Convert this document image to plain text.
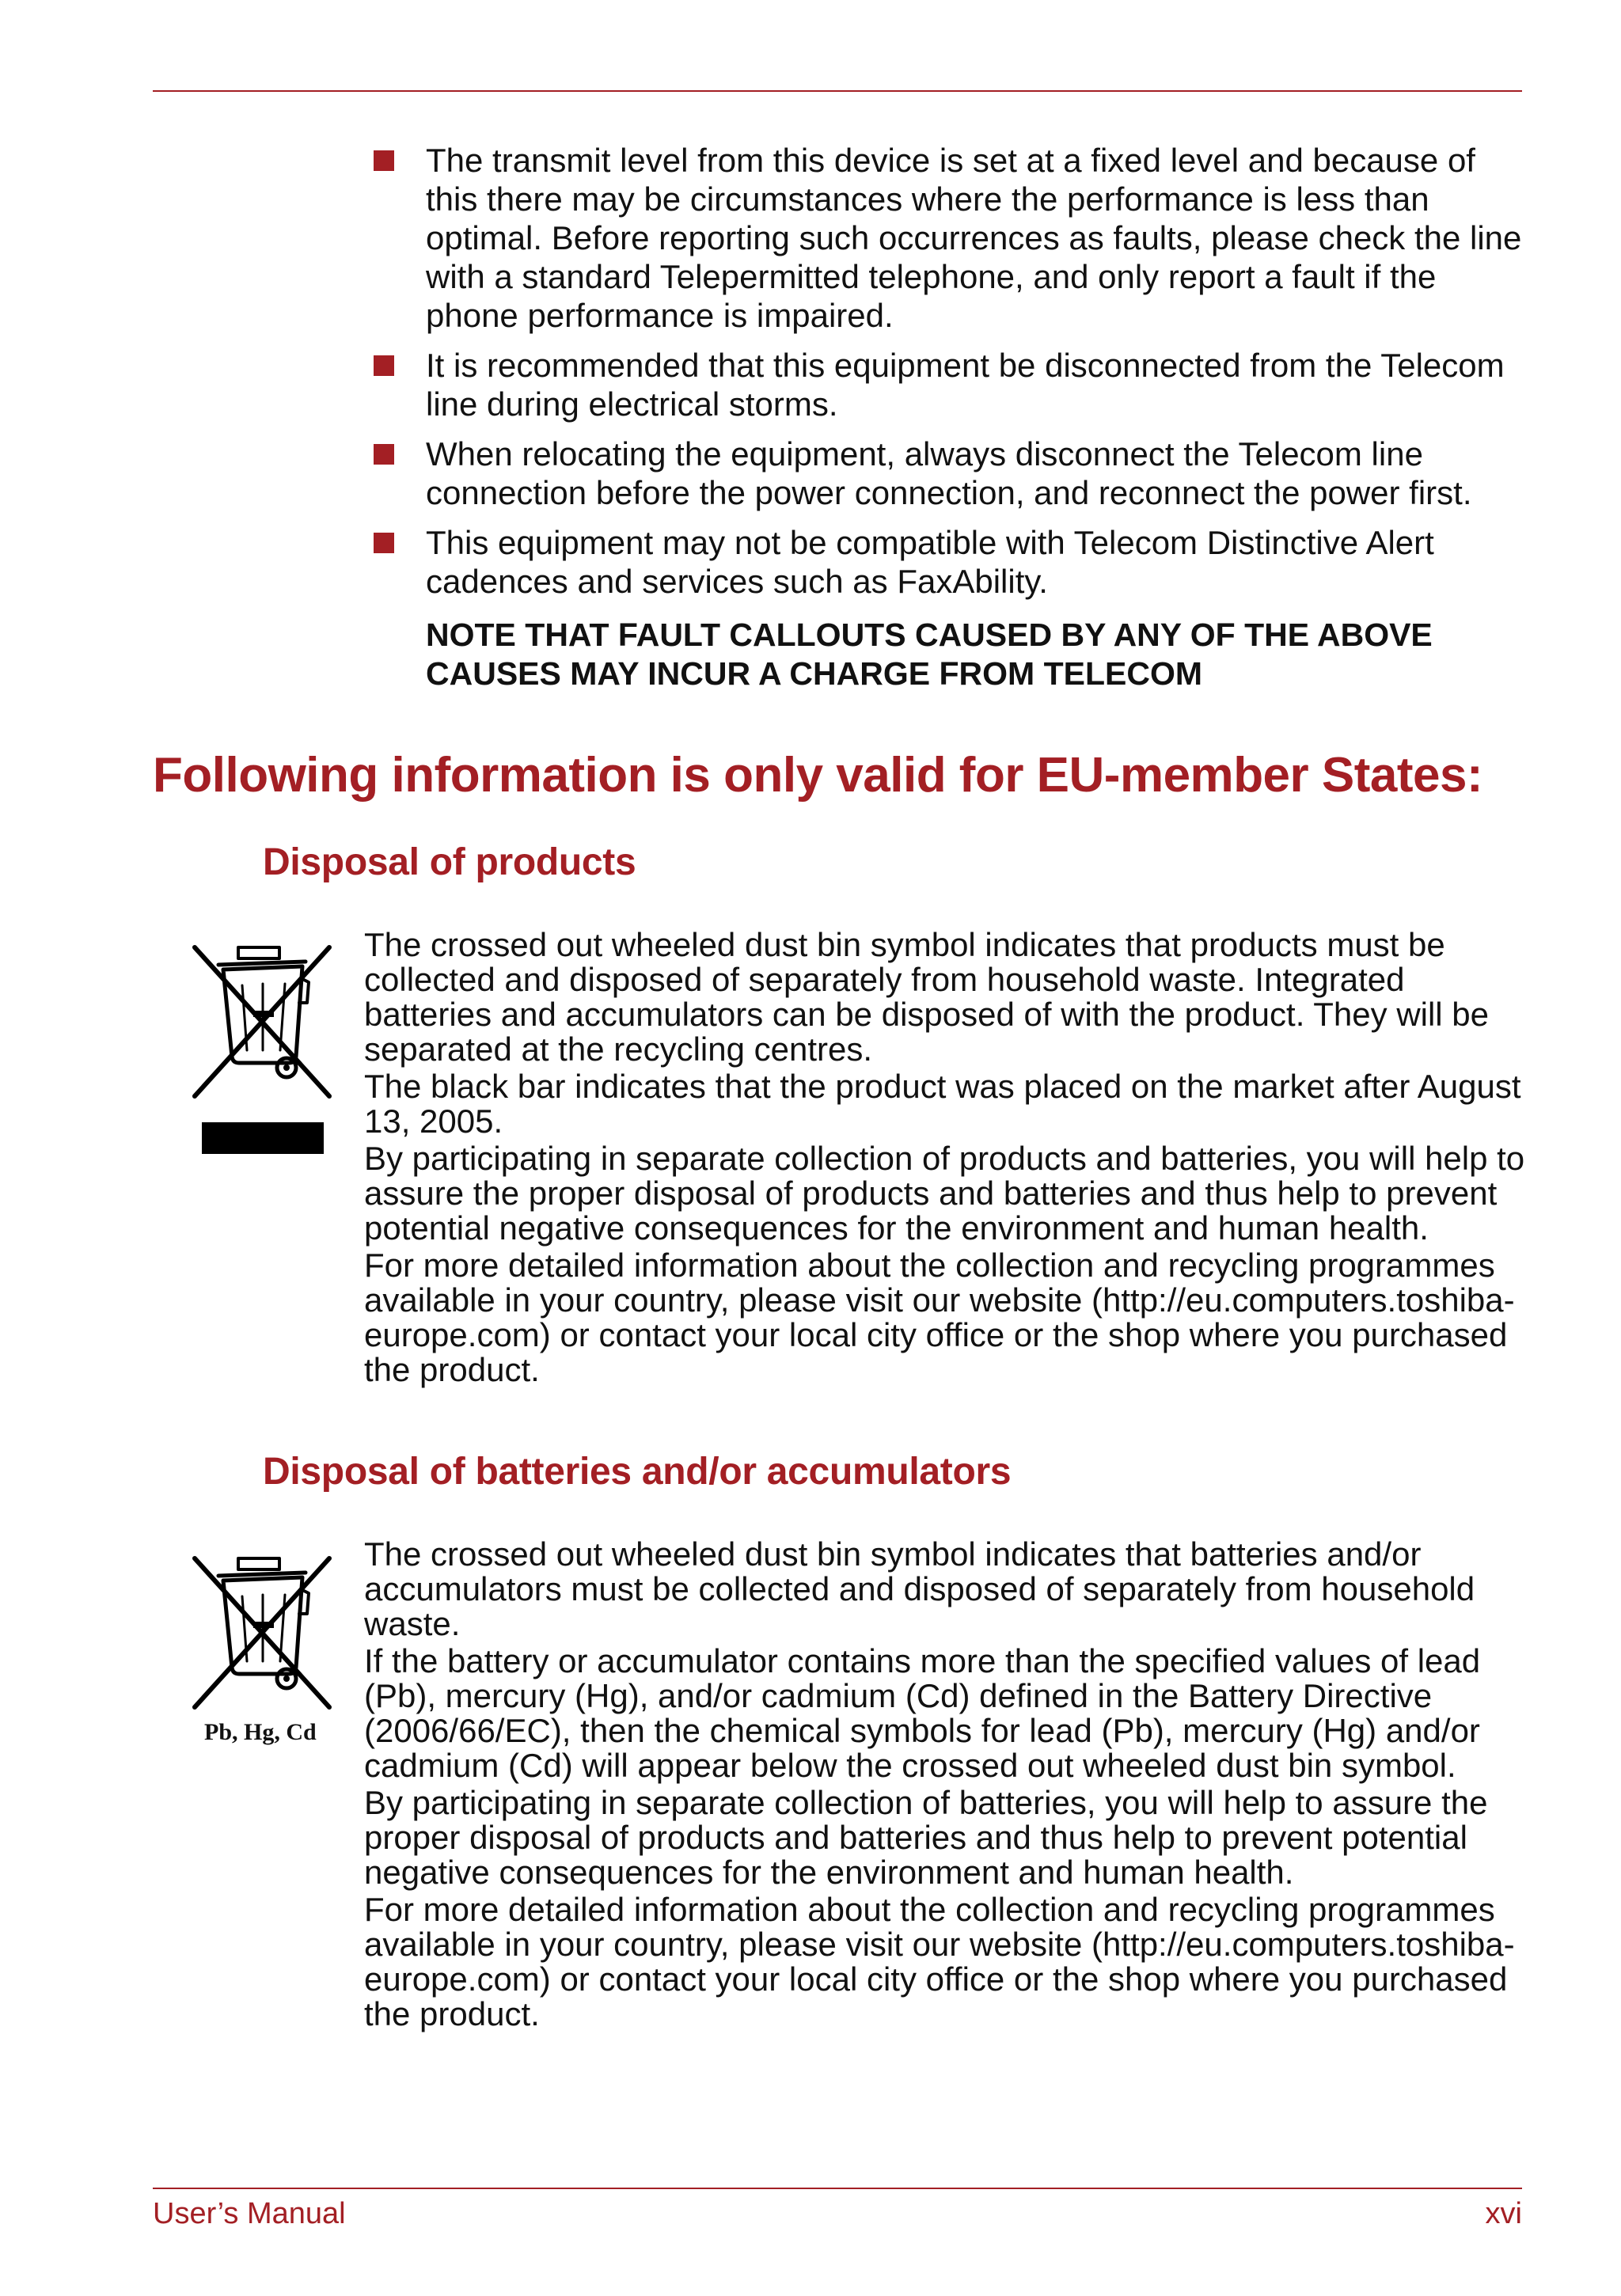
The transmit level from this device is set at a fixed level and because of this there may be circumstances where the performance is less than optimal. Before reporting such occurrences as faults, please check the line with a standard Telepermitted telephone, and only report a fault if the phone performance is impaired.
It is recommended that this equipment be disconnected from the Telecom line during electrical storms.
When relocating the equipment, always disconnect the Telecom line connection before the power connection, and reconnect the power first.
This equipment may not be compatible with Telecom Distinctive Alert cadences and services such as FaxAbility.
NOTE THAT FAULT CALLOUTS CAUSED BY ANY OF THE ABOVE CAUSES MAY INCUR A CHARGE FROM TELECOM
Following information is only valid for EU-member States:
Disposal of products

The crossed out wheeled dust bin symbol indicates that products must be collected and disposed of separately from household waste. Integrated batteries and accumulators can be disposed of with the product. They will be separated at the recycling centres.

The black bar indicates that the product was placed on the market after August 13, 2005.

By participating in separate collection of products and batteries, you will help to assure the proper disposal of products and batteries and thus help to prevent potential negative consequences for the environment and human health.

For more detailed information about the collection and recycling programmes available in your country, please visit our website (http://eu.computers.toshiba-europe.com) or contact your local city office or the shop where you purchased the product.

Disposal of batteries and/or accumulators
Pb, Hg, Cd

The crossed out wheeled dust bin symbol indicates that batteries and/or accumulators must be collected and disposed of separately from household waste.

If the battery or accumulator contains more than the specified values of lead (Pb), mercury (Hg), and/or cadmium (Cd) defined in the Battery Directive (2006/66/EC), then the chemical symbols for lead (Pb), mercury (Hg) and/or cadmium (Cd) will appear below the crossed out wheeled dust bin symbol.

By participating in separate collection of batteries, you will help to assure the proper disposal of products and batteries and thus help to prevent potential negative consequences for the environment and human health.

For more detailed information about the collection and recycling programmes available in your country, please visit our website (http://eu.computers.toshiba-europe.com) or contact your local city office or the shop where you purchased the product.

User’s Manual	xvi
